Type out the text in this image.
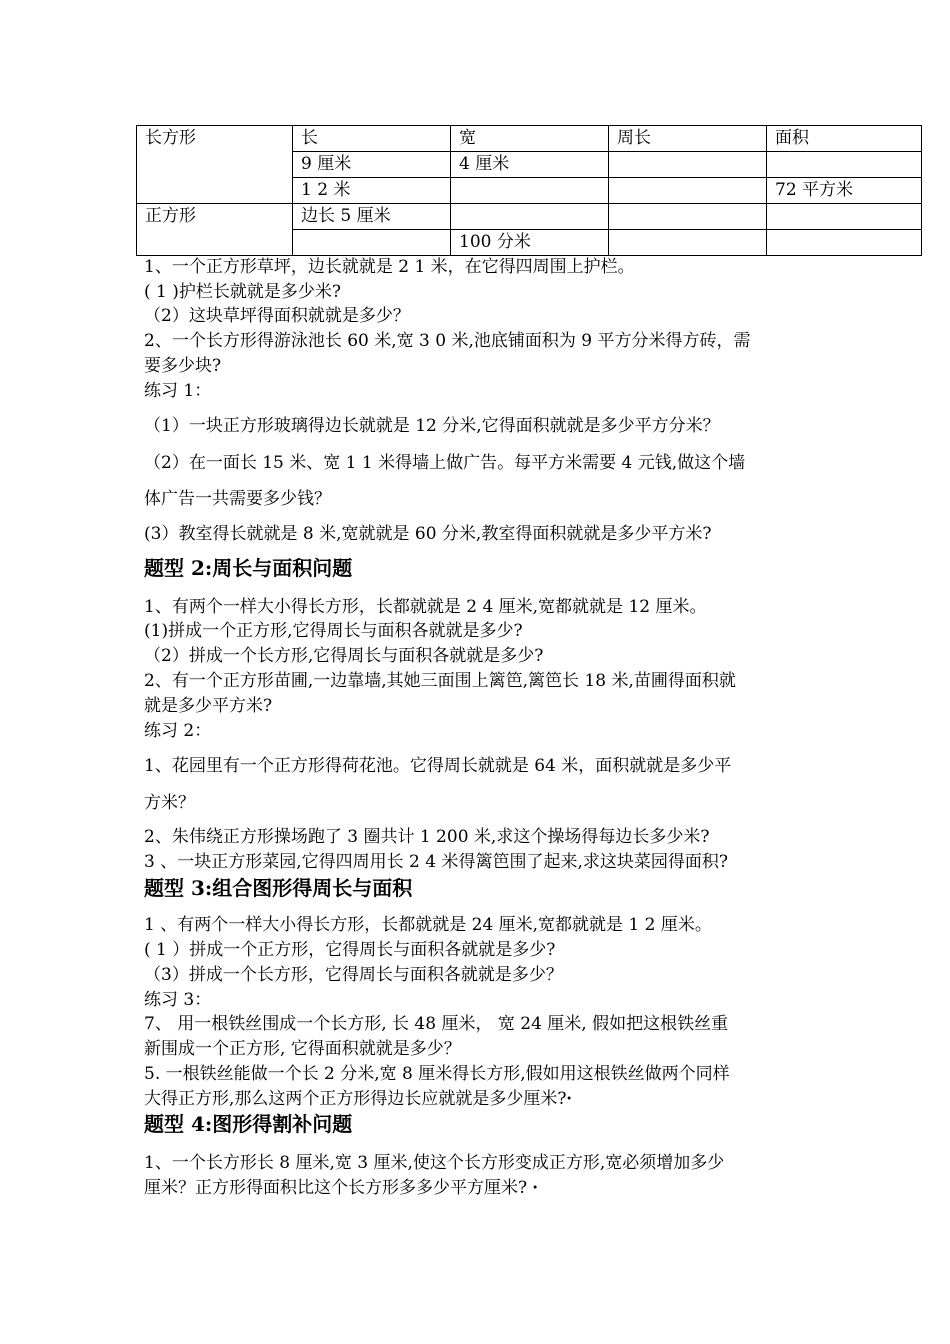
长方形	长	宽	周长	面积
	9 厘米	4 厘米		
	1 2 米			72 平方米
正方形	边长 5 厘米			
		100 分米		
1、一个正方形草坪，边长就就是 2 1 米，在它得四周围上护栏。
( 1 )护栏长就就是多少米?
（2）这块草坪得面积就就是多少？
2、一个长方形得游泳池长 60 米,宽 3 0 米,池底铺面积为 9 平方分米得方砖，需
要多少块?
练习 1：
（1）一块正方形玻璃得边长就就是 12 分米,它得面积就就是多少平方分米？
（2）在一面长 15 米、宽 1 1 米得墙上做广告。每平方米需要 4 元钱,做这个墙
体广告一共需要多少钱？
(3）教室得长就就是 8 米,宽就就是 60 分米,教室得面积就就是多少平方米?
题型 2:周长与面积问题
1、有两个一样大小得长方形，长都就就是 2 4 厘米,宽都就就是 12 厘米。
(1)拼成一个正方形,它得周长与面积各就就是多少?
（2）拼成一个长方形,它得周长与面积各就就是多少?
2、有一个正方形苗圃,一边靠墙,其她三面围上篱笆,篱笆长 18 米,苗圃得面积就
就是多少平方米?
练习 2：
1、花园里有一个正方形得荷花池。它得周长就就是 64 米，面积就就是多少平
方米？
2、朱伟绕正方形操场跑了 3 圈共计 1 200 米,求这个操场得每边长多少米?
3 、一块正方形菜园,它得四周用长 2 4 米得篱笆围了起来,求这块菜园得面积?
题型 3:组合图形得周长与面积
1 、有两个一样大小得长方形，长都就就是 24 厘米,宽都就就是 1 2 厘米。
( 1 ）拼成一个正方形，它得周长与面积各就就是多少?
（3）拼成一个长方形，它得周长与面积各就就是多少？
练习 3：
7、 用一根铁丝围成一个长方形, 长 48 厘米， 宽 24 厘米, 假如把这根铁丝重
新围成一个正方形, 它得面积就就是多少？
5. 一根铁丝能做一个长 2 分米,宽 8 厘米得长方形,假如用这根铁丝做两个同样
大得正方形,那么这两个正方形得边长应就就是多少厘米?ꞏ
题型 4:图形得割补问题
1、一个长方形长 8 厘米,宽 3 厘米,使这个长方形变成正方形,宽必须增加多少
厘米？正方形得面积比这个长方形多多少平方厘米? ꞏ
